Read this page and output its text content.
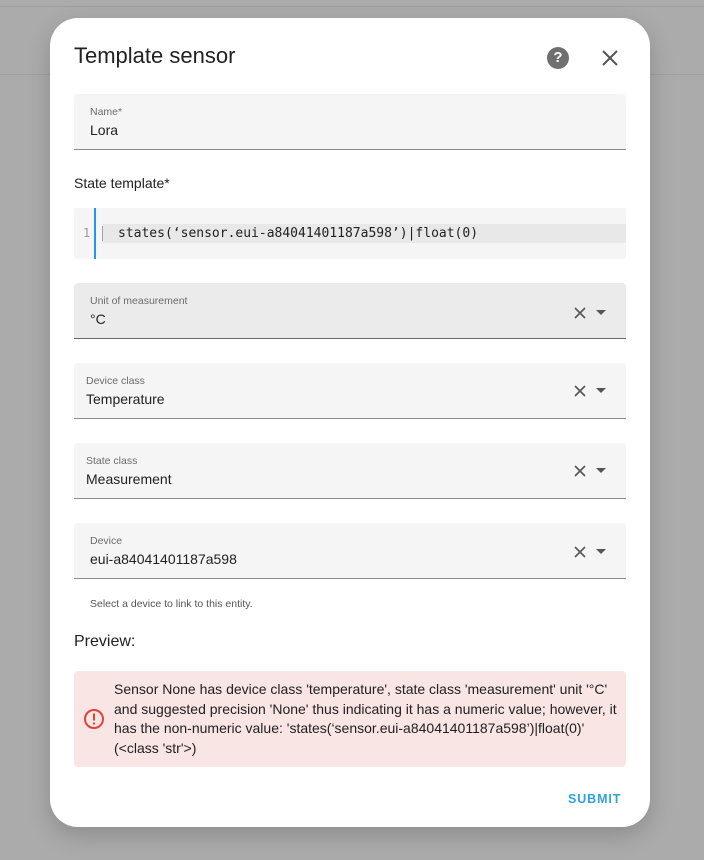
Template sensor	?
Name*
Lora
State template*
1 states(‘sensor.eui-a84041401187a598’)|float(0)
Unit of measurement
°C
Device class
Temperature
State class
Measurement
Device
eui-a84041401187a598
Select a device to link to this entity.
Preview:
Sensor None has device class 'temperature', state class 'measurement' unit '°C' and suggested precision 'None' thus indicating it has a numeric value; however, it has the non-numeric value: 'states(‘sensor.eui-a84041401187a598’)|float(0)' (<class 'str'>)
SUBMIT
